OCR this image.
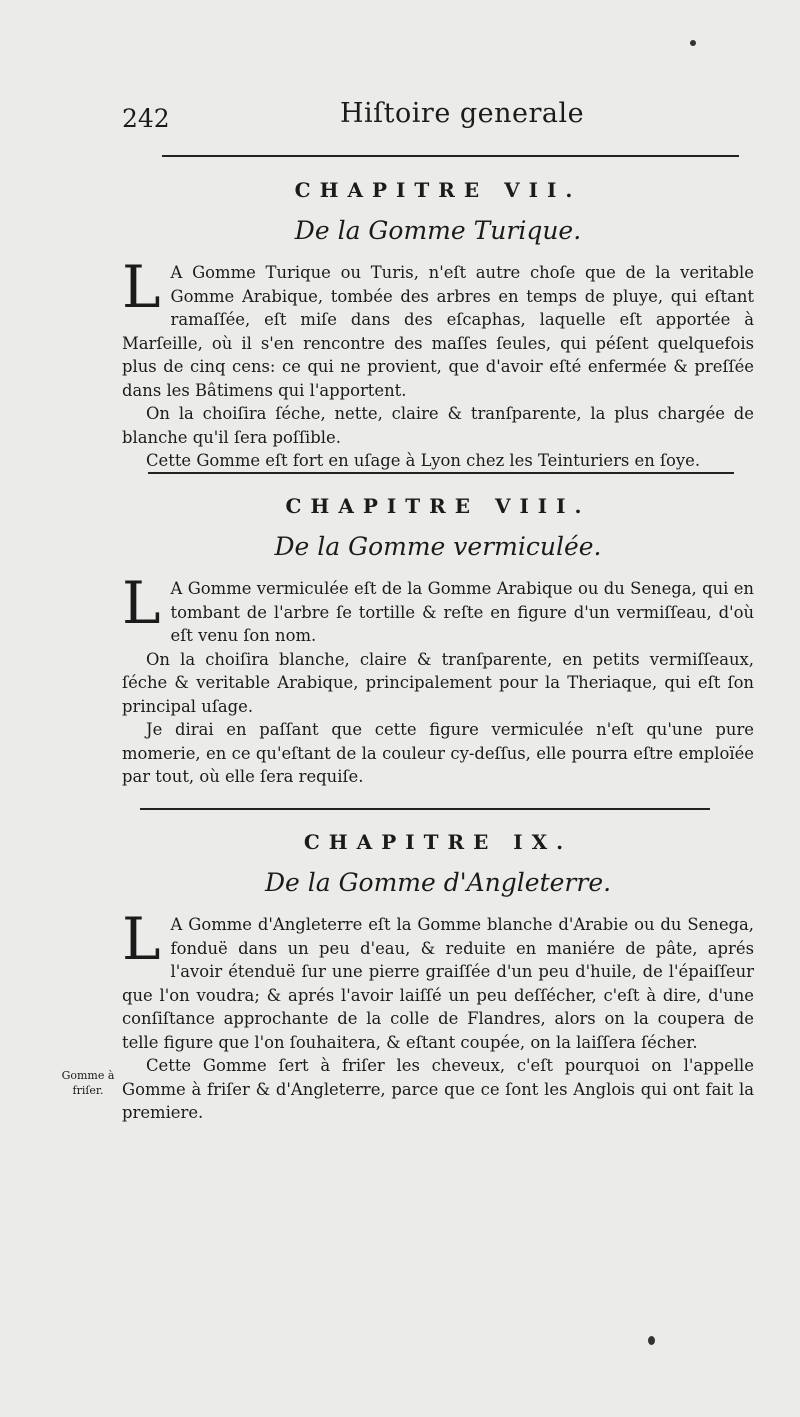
242	Hiſtoire generale
CHAPITRE VII.
De la Gomme Turique.

L A Gomme Turique ou Turis, n'eſt autre choſe que de la veritable Gomme Arabique, tombée des arbres en temps de pluye, qui eſtant ramaſſée, eſt miſe dans des eſcaphas, laquelle eſt apportée à Marſeille, où il s'en rencontre des maſſes ſeules, qui péſent quelquefois plus de cinq cens: ce qui ne provient, que d'avoir eſté enfermée & preſſée dans les Bâtimens qui l'apportent.

On la choiſira ſéche, nette, claire & tranſparente, la plus chargée de blanche qu'il ſera poſſible.

Cette Gomme eſt fort en uſage à Lyon chez les Teinturiers en ſoye.

CHAPITRE VIII.
De la Gomme vermiculée.

L A Gomme vermiculée eſt de la Gomme Arabique ou du Senega, qui en tombant de l'arbre ſe tortille & reſte en figure d'un vermiſſeau, d'où eſt venu ſon nom.

On la choiſira blanche, claire & tranſparente, en petits vermiſſeaux, ſéche & veritable Arabique, principalement pour la Theriaque, qui eſt ſon principal uſage.

Je dirai en paſſant que cette figure vermiculée n'eſt qu'une pure momerie, en ce qu'eſtant de la couleur cy-deſſus, elle pourra eſtre emploïée par tout, où elle ſera requiſe.

CHAPITRE IX.
De la Gomme d'Angleterre.

L A Gomme d'Angleterre eſt la Gomme blanche d'Arabie ou du Senega, fonduë dans un peu d'eau, & reduite en maniére de pâte, aprés l'avoir étenduë ſur une pierre graiſſée d'un peu d'huile, de l'épaiſſeur que l'on voudra; & aprés l'avoir laiſſé un peu deſſécher, c'eſt à dire, d'une conſiſtance approchante de la colle de Flandres, alors on la coupera de telle figure que l'on ſouhaitera, & eſtant coupée, on la laiſſera ſécher.

Cette Gomme ſert à friſer les cheveux, c'eſt pourquoi on l'appelle Gomme à friſer & d'Angleterre, parce que ce ſont les Anglois qui ont fait la premiere.

Gomme à friſer.
